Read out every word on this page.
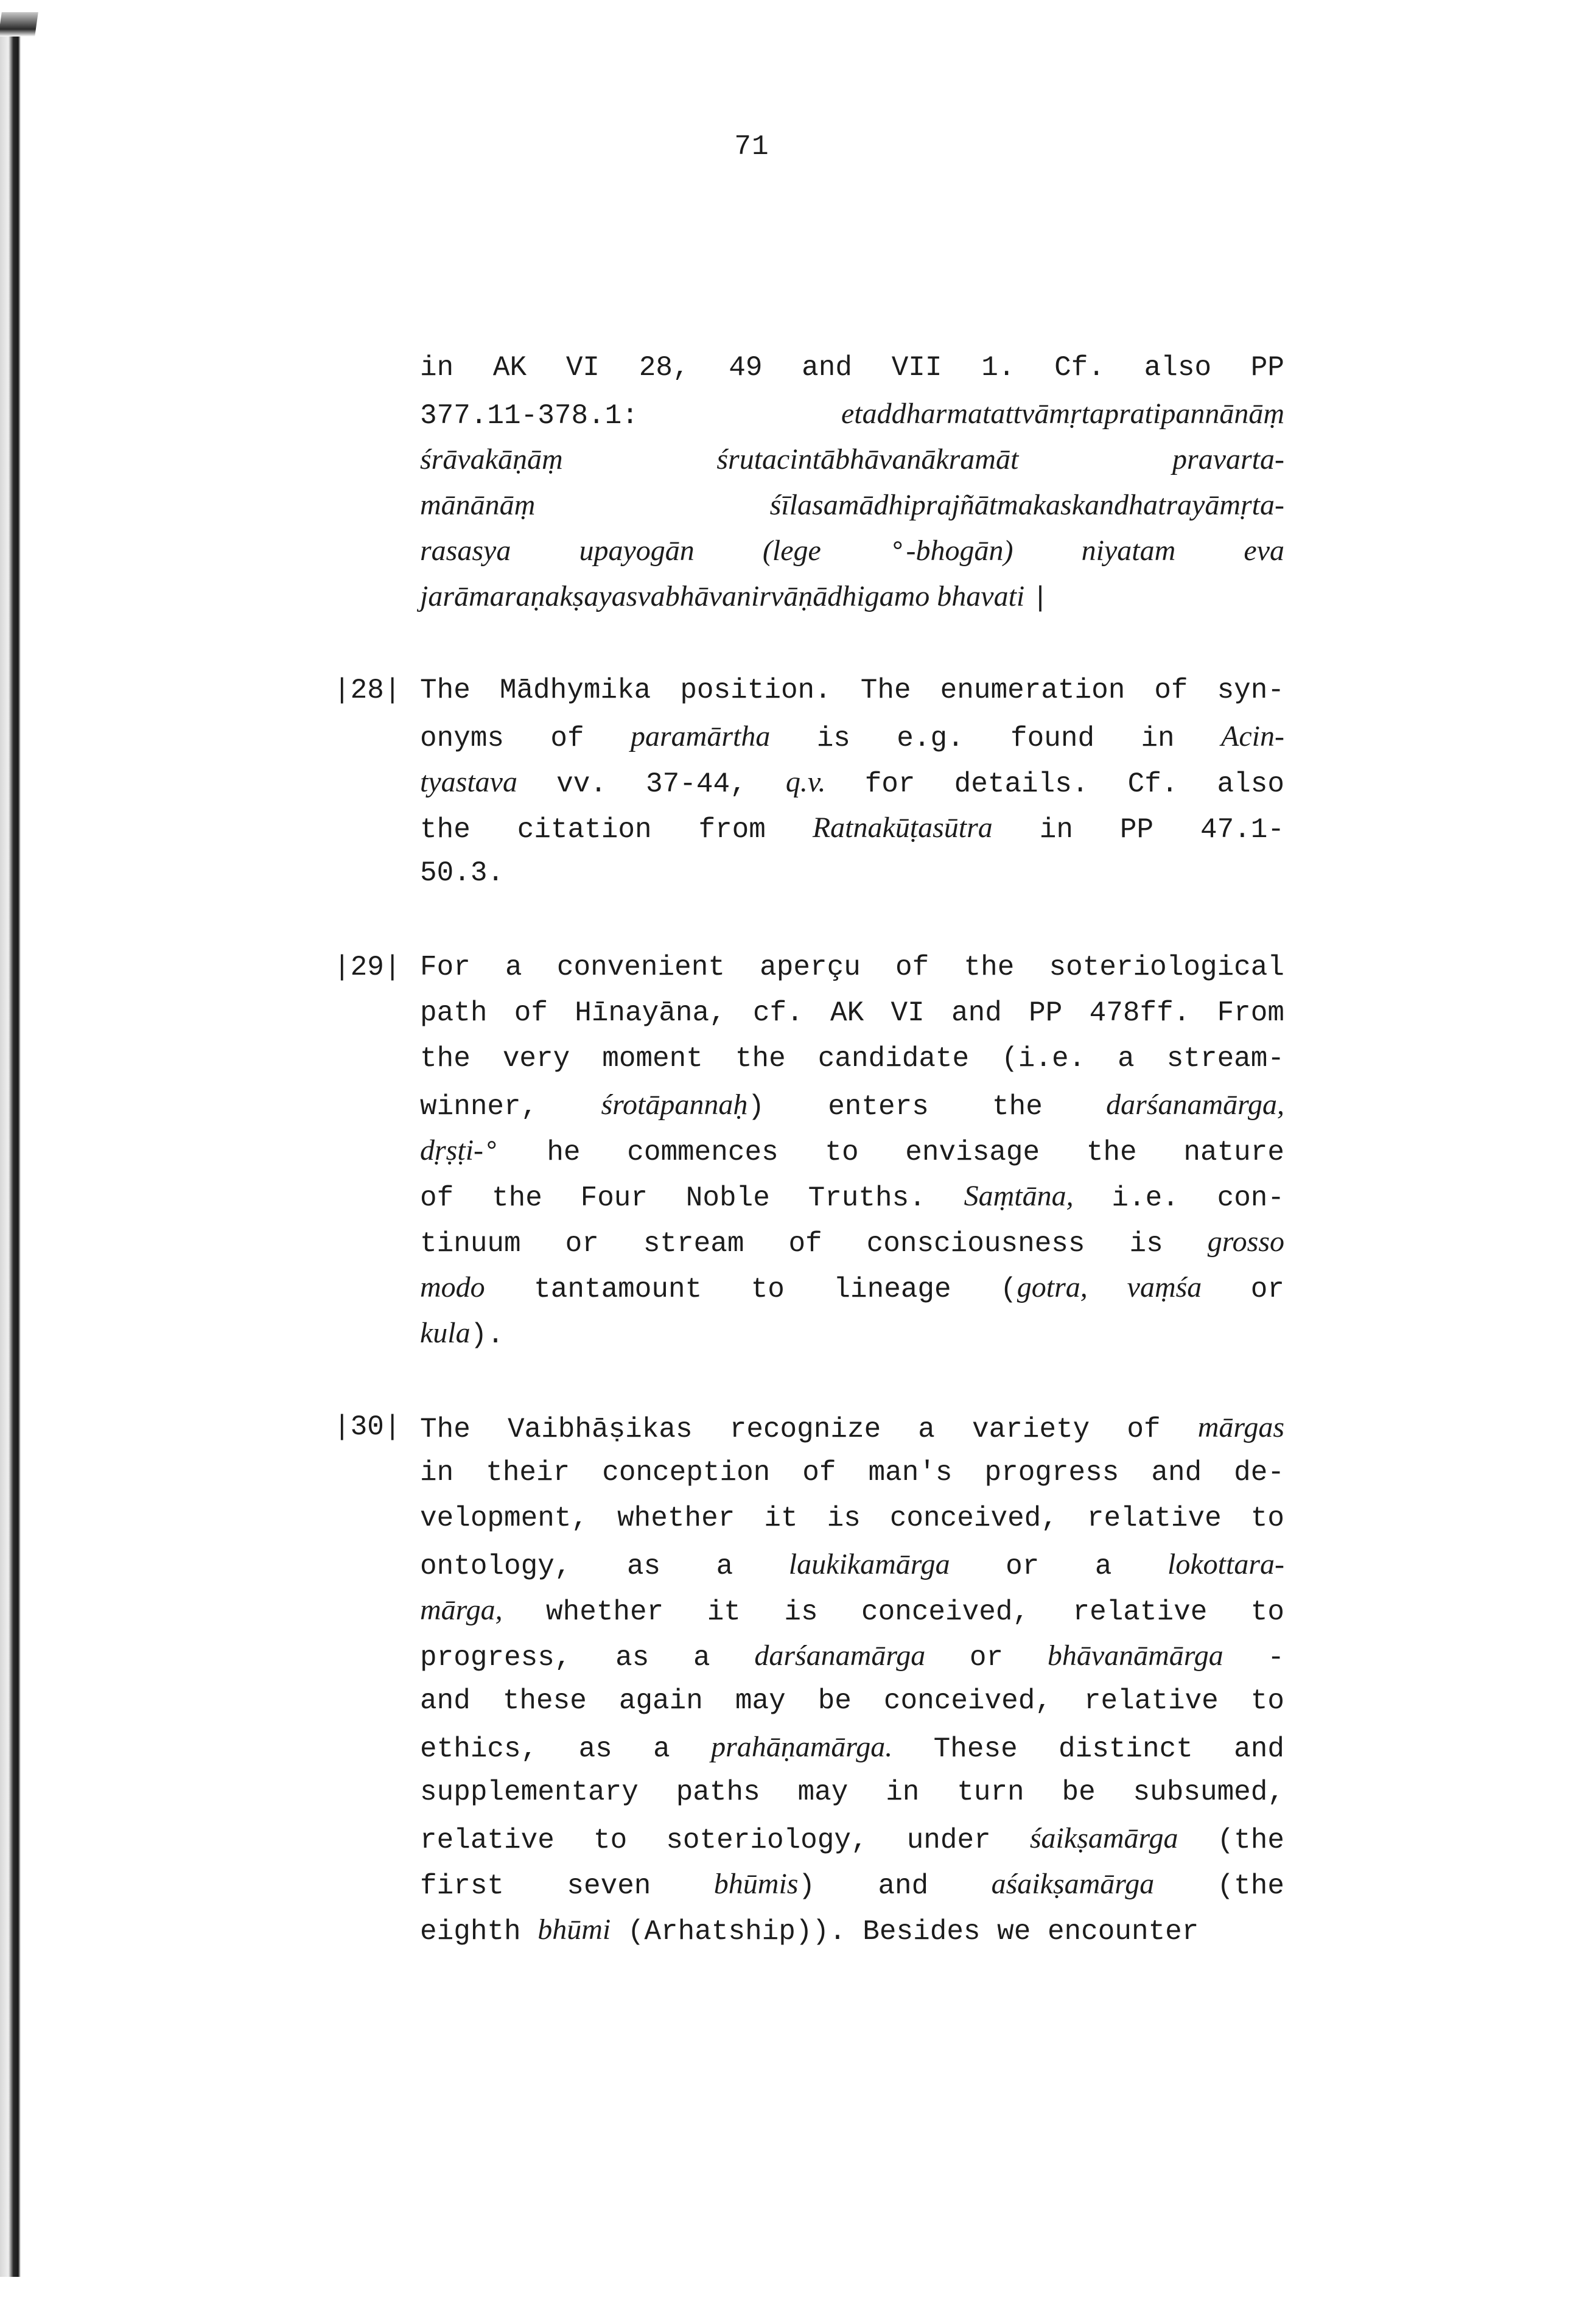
71
in AK VI 28, 49 and VII 1. Cf. also PP
377.11-378.1: etaddharmatattvāmṛtapratipannānāṃ
śrāvakāṇāṃ śrutacintābhāvanākramāt pravarta-
mānānāṃ śīlasamādhiprajñātmakaskandhatrayāmṛta-
rasasya upayogān (lege °-bhogān) niyatam eva
jarāmaraṇakṣayasvabhāvanirvāṇādhigamo bhavati |
|28| The Mādhymika position. The enumeration of syn-
onyms of paramārtha is e.g. found in Acin-
tyastava vv. 37-44, q.v. for details. Cf. also
the citation from Ratnakūṭasūtra in PP 47.1-
50.3.
|29| For a convenient aperçu of the soteriological
path of Hīnayāna, cf. AK VI and PP 478ff. From
the very moment the candidate (i.e. a stream-
winner, śrotāpannaḥ) enters the darśanamārga,
dṛṣṭi-° he commences to envisage the nature
of the Four Noble Truths. Saṃtāna, i.e. con-
tinuum or stream of consciousness is grosso
modo tantamount to lineage (gotra, vaṃśa or
kula).
|30| The Vaibhāṣikas recognize a variety of mārgas
in their conception of man's progress and de-
velopment, whether it is conceived, relative to
ontology, as a laukikamārga or a lokottara-
mārga, whether it is conceived, relative to
progress, as a darśanamārga or bhāvanāmārga -
and these again may be conceived, relative to
ethics, as a prahāṇamārga. These distinct and
supplementary paths may in turn be subsumed,
relative to soteriology, under śaikṣamārga (the
first seven bhūmis) and aśaikṣamārga (the
eighth bhūmi (Arhatship)). Besides we encounter
